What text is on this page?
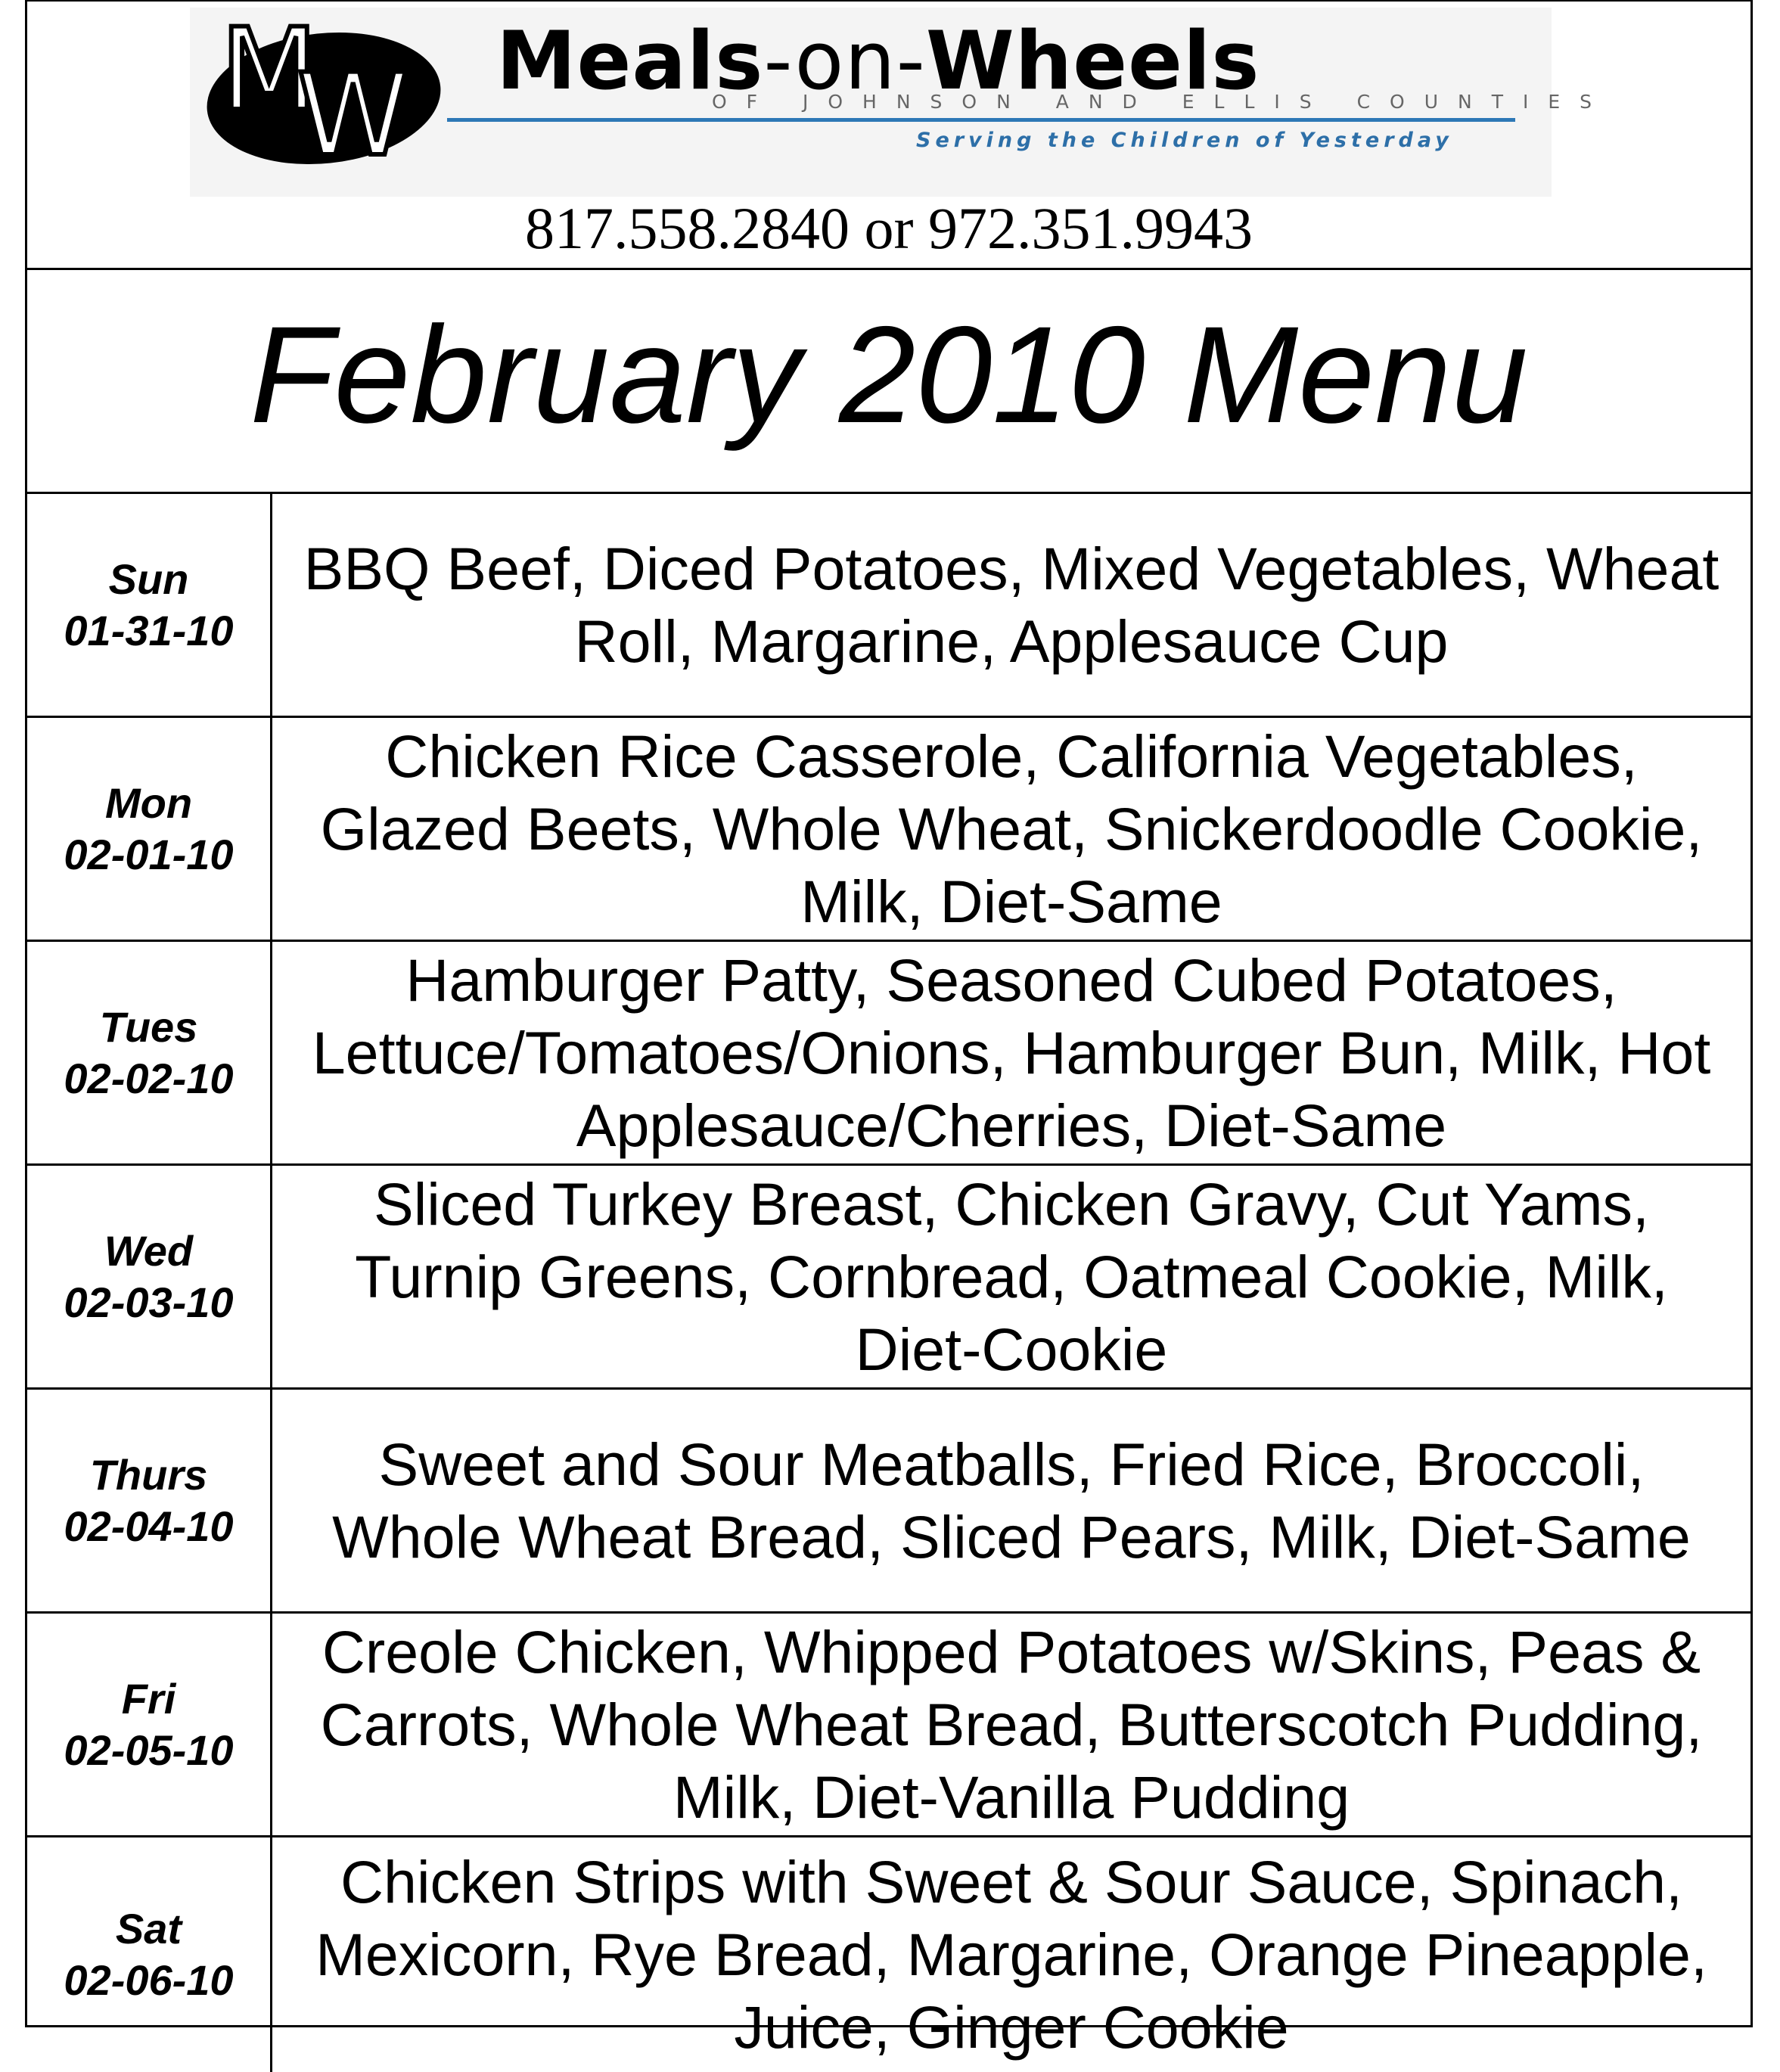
MW	Meals-on-Wheels
OF JOHNSON AND ELLIS COUNTIES
Serving the Children of Yesterday
817.558.2840 or 972.351.9943
February 2010 Menu
Sun
01-31-10
BBQ Beef, Diced Potatoes, Mixed Vegetables, Wheat Roll, Margarine, Applesauce Cup
Mon
02-01-10
Chicken Rice Casserole, California Vegetables, Glazed Beets, Whole Wheat, Snickerdoodle Cookie, Milk, Diet-Same
Tues
02-02-10
Hamburger Patty, Seasoned Cubed Potatoes, Lettuce/Tomatoes/Onions, Hamburger Bun, Milk, Hot Applesauce/Cherries, Diet-Same
Wed
02-03-10
Sliced Turkey Breast, Chicken Gravy, Cut Yams, Turnip Greens, Cornbread, Oatmeal Cookie, Milk, Diet-Cookie
Thurs
02-04-10
Sweet and Sour Meatballs, Fried Rice, Broccoli, Whole Wheat Bread, Sliced Pears, Milk, Diet-Same
Fri
02-05-10
Creole Chicken, Whipped Potatoes w/Skins, Peas & Carrots, Whole Wheat Bread, Butterscotch Pudding, Milk, Diet-Vanilla Pudding
Sat
02-06-10
Chicken Strips with Sweet & Sour Sauce, Spinach, Mexicorn, Rye Bread, Margarine, Orange Pineapple, Juice, Ginger Cookie
